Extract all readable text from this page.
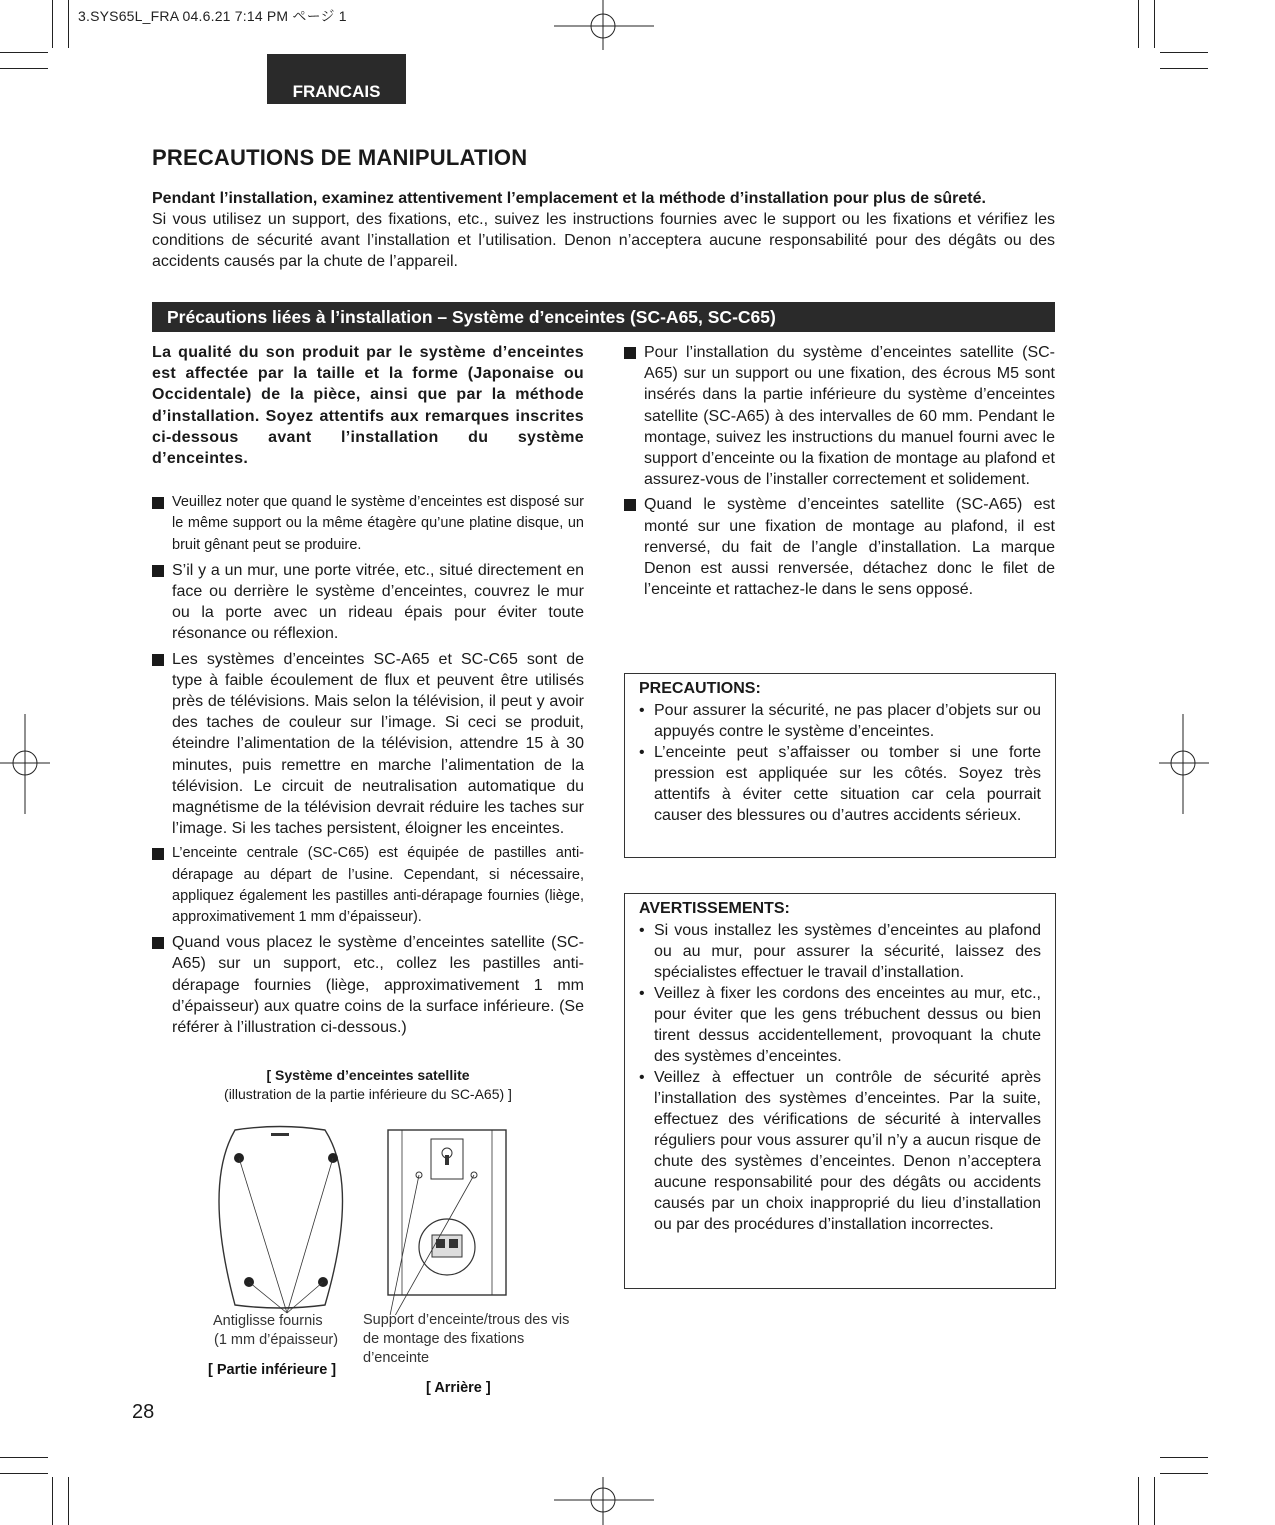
3.SYS65L_FRA 04.6.21 7:14 PM ページ 1
FRANCAIS
PRECAUTIONS DE MANIPULATION
Pendant l’installation, examinez attentivement l’emplacement et la méthode d’installation pour plus de sûreté.
Si vous utilisez un support, des fixations, etc., suivez les instructions fournies avec le support ou les fixations et vérifiez les conditions de sécurité avant l’installation et l’utilisation. Denon n’acceptera aucune responsabilité pour des dégâts ou des accidents causés par la chute de l’appareil.
Précautions liées à l’installation – Système d’enceintes (SC-A65, SC-C65)

La qualité du son produit par le système d’enceintes est affectée par la taille et la forme (Japonaise ou Occidentale) de la pièce, ainsi que par la méthode d’installation. Soyez attentifs aux remarques inscrites ci-dessous avant l’installation du système d’enceintes.

Veuillez noter que quand le système d’enceintes est disposé sur le même support ou la même étagère qu’une platine disque, un bruit gênant peut se produire.
S’il y a un mur, une porte vitrée, etc., situé directement en face ou derrière le système d’enceintes, couvrez le mur ou la porte avec un rideau épais pour éviter toute résonance ou réflexion.
Les systèmes d’enceintes SC-A65 et SC-C65 sont de type à faible écoulement de flux et peuvent être utilisés près de télévisions. Mais selon la télévision, il peut y avoir des taches de couleur sur l’image. Si ceci se produit, éteindre l’alimentation de la télévision, attendre 15 à 30 minutes, puis remettre en marche l’alimentation de la télévision. Le circuit de neutralisation automatique du magnétisme de la télévision devrait réduire les taches sur l’image. Si les taches persistent, éloigner les enceintes.
L’enceinte centrale (SC-C65) est équipée de pastilles anti-dérapage au départ de l’usine. Cependant, si nécessaire, appliquez également les pastilles anti-dérapage fournies (liège, approximativement 1 mm d’épaisseur).
Quand vous placez le système d’enceintes satellite (SC-A65) sur un support, etc., collez les pastilles anti-dérapage fournies (liège, approximativement 1 mm d’épaisseur) aux quatre coins de la surface inférieure. (Se référer à l’illustration ci-dessous.)
[ Système d’enceintes satellite
(illustration de la partie inférieure du SC-A65) ]
Antiglisse fournis
(1 mm d’épaisseur)
[ Partie inférieure ]
Support d’enceinte/trous des vis de montage des fixations d’enceinte
[ Arrière ]
Pour l’installation du système d’enceintes satellite (SC-A65) sur un support ou une fixation, des écrous M5 sont insérés dans la partie inférieure du système d’enceintes satellite (SC-A65) à des intervalles de 60 mm. Pendant le montage, suivez les instructions du manuel fourni avec le support d’enceinte ou la fixation de montage au plafond et assurez-vous de l’installer correctement et solidement.
Quand le système d’enceintes satellite (SC-A65) est monté sur une fixation de montage au plafond, il est renversé, du fait de l’angle d’installation. La marque Denon est aussi renversée, détachez donc le filet de l’enceinte et rattachez-le dans le sens opposé.
PRECAUTIONS:
• Pour assurer la sécurité, ne pas placer d’objets sur ou appuyés contre le système d’enceintes.
• L’enceinte peut s’affaisser ou tomber si une forte pression est appliquée sur les côtés. Soyez très attentifs à éviter cette situation car cela pourrait causer des blessures ou d’autres accidents sérieux.
AVERTISSEMENTS:
• Si vous installez les systèmes d’enceintes au plafond ou au mur, pour assurer la sécurité, laissez des spécialistes effectuer le travail d’installation.
• Veillez à fixer les cordons des enceintes au mur, etc., pour éviter que les gens trébuchent dessus ou bien tirent dessus accidentellement, provoquant la chute des systèmes d’enceintes.
• Veillez à effectuer un contrôle de sécurité après l’installation des systèmes d’enceintes. Par la suite, effectuez des vérifications de sécurité à intervalles réguliers pour vous assurer qu’il n’y a aucun risque de chute des systèmes d’enceintes. Denon n’acceptera aucune responsabilité pour des dégâts ou accidents causés par un choix inapproprié du lieu d’installation ou par des procédures d’installation incorrectes.
28
